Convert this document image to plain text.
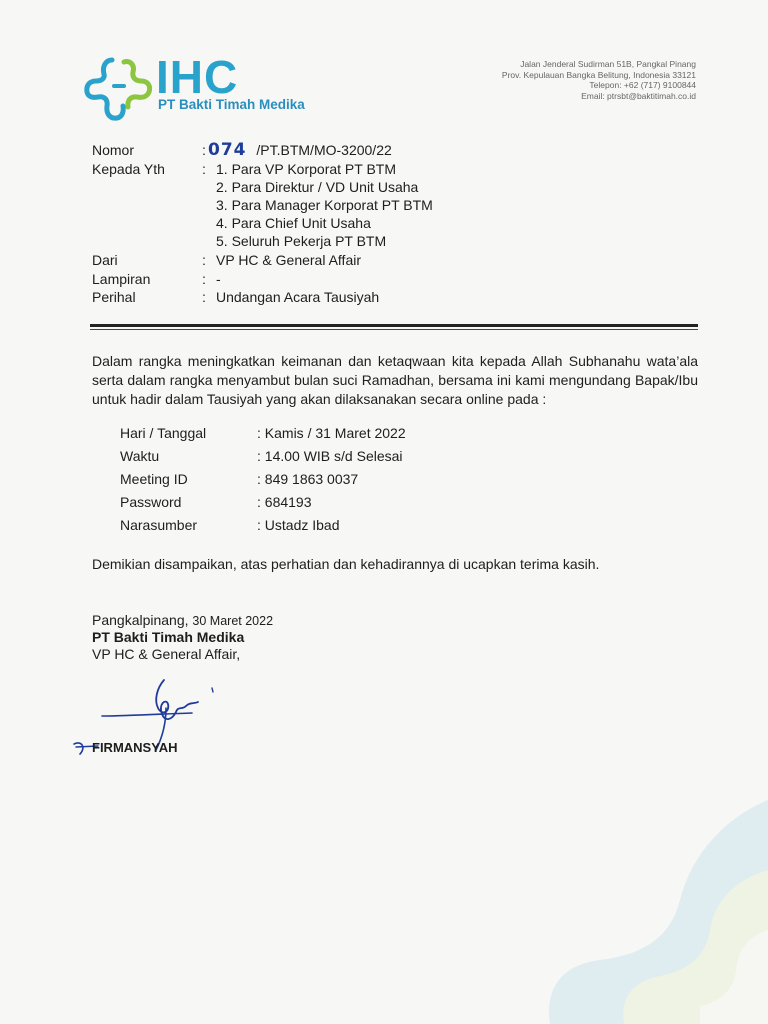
IHC
PT Bakti Timah Medika
Jalan Jenderal Sudirman 51B, Pangkal Pinang
Prov. Kepulauan Bangka Belitung, Indonesia 33121
Telepon: +62 (717) 9100844
Email: ptrsbt@baktitimah.co.id
Nomor	: 074 /PT.BTM/MO-3200/22
Kepada Yth	: 1. Para VP Korporat PT BTM
2. Para Direktur / VD Unit Usaha
3. Para Manager Korporat PT BTM
4. Para Chief Unit Usaha
5. Seluruh Pekerja PT BTM
Dari	: VP HC & General Affair
Lampiran	: -
Perihal	: Undangan Acara Tausiyah
Dalam rangka meningkatkan keimanan dan ketaqwaan kita kepada Allah Subhanahu wata’ala serta dalam rangka menyambut bulan suci Ramadhan, bersama ini kami mengundang Bapak/Ibu untuk hadir dalam Tausiyah yang akan dilaksanakan secara online pada :
Hari / Tanggal	: Kamis / 31 Maret 2022
Waktu	: 14.00 WIB s/d Selesai
Meeting ID	: 849 1863 0037
Password	: 684193
Narasumber	: Ustadz Ibad
Demikian disampaikan, atas perhatian dan kehadirannya di ucapkan terima kasih.
Pangkalpinang, 30 Maret 2022
PT Bakti Timah Medika
VP HC & General Affair,
FIRMANSYAH
